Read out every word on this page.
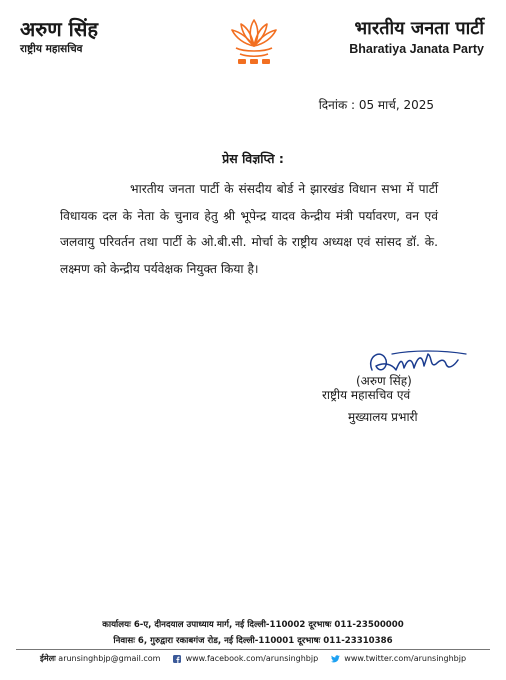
अरुण सिंह
राष्ट्रीय महासचिव
भारतीय जनता पार्टी
Bharatiya Janata Party
दिनांक : 05 मार्च, 2025
प्रेस विज्ञप्ति :
भारतीय जनता पार्टी के संसदीय बोर्ड ने झारखंड विधान सभा में पार्टी विधायक दल के नेता के चुनाव हेतु श्री भूपेन्द्र यादव केन्द्रीय मंत्री पर्यावरण, वन एवं जलवायु परिवर्तन तथा पार्टी के ओ.बी.सी. मोर्चा के राष्ट्रीय अध्यक्ष एवं सांसद डॉ. के. लक्ष्मण को केन्द्रीय पर्यवेक्षक नियुक्त किया है।
(अरुण सिंह)
राष्ट्रीय महासचिव एवं
मुख्यालय प्रभारी
कार्यालयः 6-ए, दीनदयाल उपाध्याय मार्ग, नई दिल्ली-110002 दूरभाषः 011-23500000
निवासः 6, गुरुद्वारा रकाबगंज रोड, नई दिल्ली-110001 दूरभाषः 011-23310386
ईमेलः arunsinghbjp@gmail.com	www.facebook.com/arunsinghbjp	www.twitter.com/arunsinghbjp
